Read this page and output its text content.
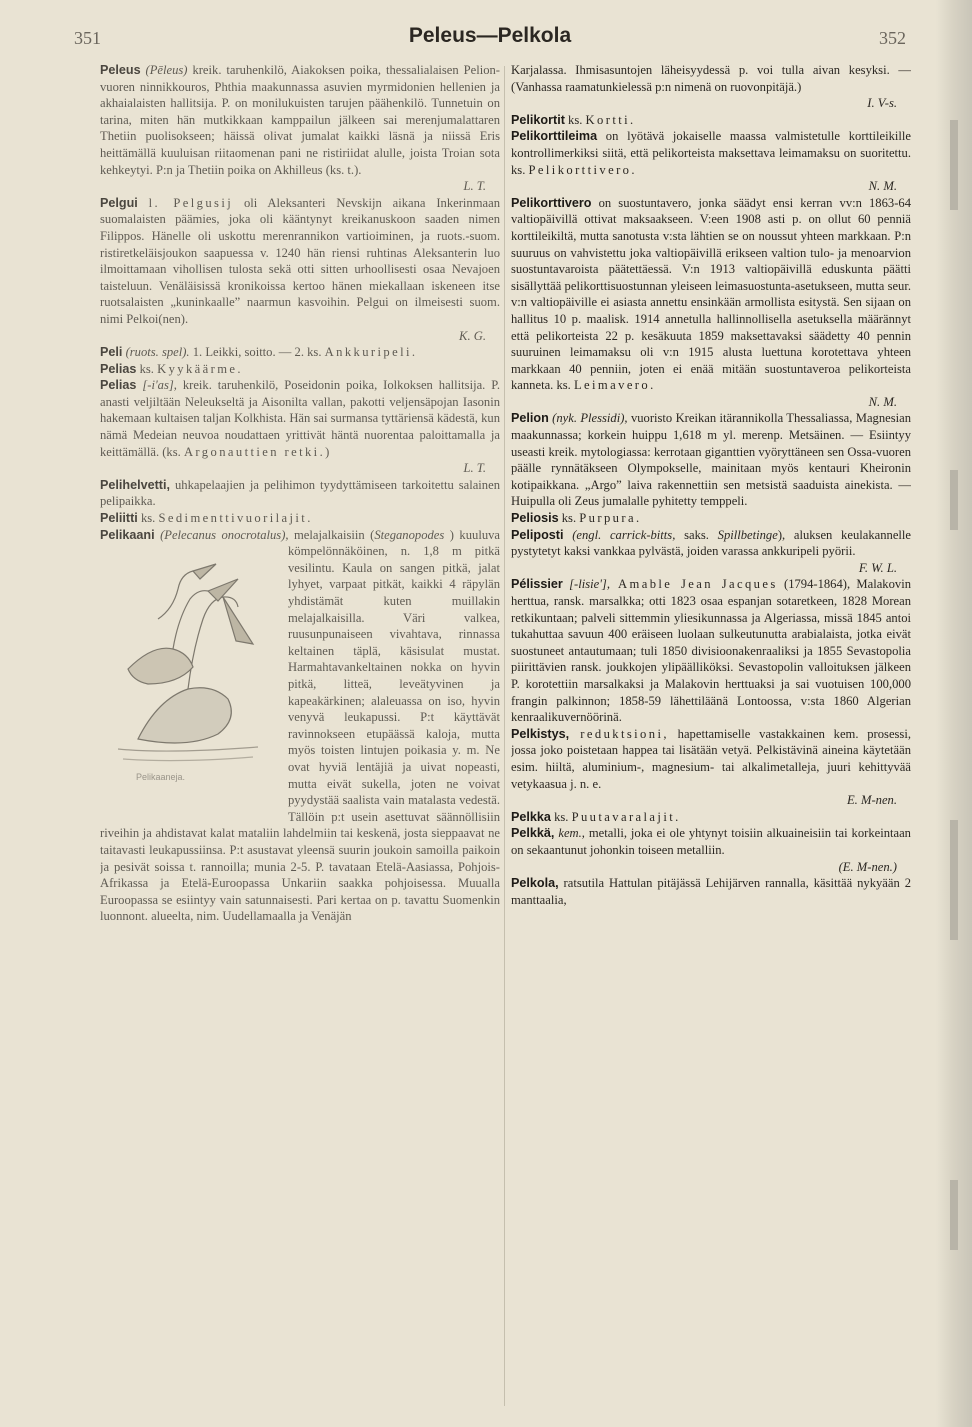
351	Peleus—Pelkola	352

Peleus (Pēleus) kreik. taruhenkilö, Aiakoksen poika, thessalialaisen Pelion-vuoren ninnikkouros, Phthia maakunnassa asuvien myrmidonien hellenien ja akhaialaisten hallitsija. P. on monilukuisten tarujen päähenkilö. Tunnetuin on tarina, miten hän mutkikkaan kamppailun jälkeen sai merenjumalattaren Thetiin puolisokseen; häissä olivat jumalat kaikki läsnä ja niissä Eris heittämällä kuuluisan riitaomenan pani ne ristiriidat alulle, joista Troian sota kehkeytyi. P:n ja Thetiin poika on Akhilleus (ks. t.).
L. T.

Pelgui l. Pelgusij oli Aleksanteri Nevskijn aikana Inkerinmaan suomalaisten päämies, joka oli kääntynyt kreikanuskoon saaden nimen Filippos. Hänelle oli uskottu merenrannikon vartioiminen, ja ruots.-suom. ristiretkeläisjoukon saapuessa v. 1240 hän riensi ruhtinas Aleksanterin luo ilmoittamaan vihollisen tulosta sekä otti sitten urhoollisesti osaa Nevajoen taisteluun. Venäläisissä kronikoissa kertoo hänen miekallaan iskeneen itse ruotsalaisten „kuninkaalle” naarmun kasvoihin. Pelgui on ilmeisesti suom. nimi Pelkoi(nen).
K. G.

Peli (ruots. spel). 1. Leikki, soitto. — 2. ks. Ankkuripeli.

Pelias ks. Kyykäärme.

Pelias [-i'as], kreik. taruhenkilö, Poseidonin poika, Iolkoksen hallitsija. P. anasti veljiltään Neleukseltä ja Aisonilta vallan, pakotti veljensäpojan Iasonin hakemaan kultaisen taljan Kolkhista. Hän sai surmansa tyttäriensä kädestä, kun nämä Medeian neuvoa noudattaen yrittivät häntä nuorentaa paloittamalla ja keittämällä. (ks. Argonauttien retki.)
L. T.

Pelihelvetti, uhkapelaajien ja pelihimon tyydyttämiseen tarkoitettu salainen pelipaikka.

Peliitti ks. Sedimenttivuorilajit.

Pelikaani (Pelecanus onocrotalus), melajalkaisiin (Steganopodes
Pelikaaneja.
) kuuluva kömpelönnäköinen, n. 1,8 m pitkä vesilintu. Kaula on sangen pitkä, jalat lyhyet, varpaat pitkät, kaikki 4 räpylän yhdistämät kuten muillakin melajalkaisilla. Väri valkea, ruusunpunaiseen vivahtava, rinnassa keltainen täplä, käsisulat mustat. Harmahtavankeltainen nokka on hyvin pitkä, litteä, leveätyvinen ja kapeakärkinen; alaleuassa on iso, hyvin venyvä leukapussi. P:t käyttävät ravinnokseen etupäässä kaloja, mutta myös toisten lintujen poikasia y. m. Ne ovat hyviä lentäjiä ja uivat nopeasti, mutta eivät sukella, joten ne voivat pyydystää saalista vain matalasta vedestä. Tällöin p:t usein asettuvat säännöllisiin riveihin ja ahdistavat kalat mataliin lahdelmiin tai keskenä, josta sieppaavat ne taitavasti leukapussiinsa. P:t asustavat yleensä suurin joukoin samoilla paikoin ja pesivät soissa t. rannoilla; munia 2-5. P. tavataan Etelä-Aasiassa, Pohjois-Afrikassa ja Etelä-Euroopassa Unkariin saakka pohjoisessa. Muualla Euroopassa se esiintyy vain satunnaisesti. Pari kertaa on p. tavattu Suomenkin luonnont. alueelta, nim. Uudellamaalla ja Venäjän

Karjalassa. Ihmisasuntojen läheisyydessä p. voi tulla aivan kesyksi. — (Vanhassa raamatunkielessä p:n nimenä on ruovonpitäjä.)
I. V-s.

Pelikortit ks. Kortti.

Pelikorttileima on lyötävä jokaiselle maassa valmistetulle korttileikille kontrollimerkiksi siitä, että pelikorteista maksettava leimamaksu on suoritettu. ks. Pelikorttivero.
N. M.

Pelikorttivero on suostuntavero, jonka säädyt ensi kerran vv:n 1863-64 valtiopäivillä ottivat maksaakseen. V:een 1908 asti p. on ollut 60 penniä korttileikiltä, mutta sanotusta v:sta lähtien se on noussut yhteen markkaan. P:n suuruus on vahvistettu joka valtiopäivillä erikseen valtion tulo- ja menoarvion suostuntavaroista päätettäessä. V:n 1913 valtiopäivillä eduskunta päätti sisällyttää pelikorttisuostunnan yleiseen leimasuostunta-asetukseen, mutta seur. v:n valtiopäiville ei asiasta annettu ensinkään armollista esitystä. Sen sijaan on hallitus 10 p. maalisk. 1914 annetulla hallinnollisella asetuksella määrännyt että pelikorteista 22 p. kesäkuuta 1859 maksettavaksi säädetty 40 pennin suuruinen leimamaksu oli v:n 1915 alusta luettuna korotettava yhteen markkaan 40 penniin, joten ei enää mitään suostuntaveroa pelikorteista kanneta. ks. Leimavero.
N. M.

Pelion (nyk. Plessidi), vuoristo Kreikan itärannikolla Thessaliassa, Magnesian maakunnassa; korkein huippu 1,618 m yl. merenp. Metsäinen. — Esiintyy useasti kreik. mytologiassa: kerrotaan giganttien vyöryttäneen sen Ossa-vuoren päälle rynnätäkseen Olympokselle, mainitaan myös kentauri Kheironin kotipaikkana. „Argo” laiva rakennettiin sen metsistä saaduista ainekista. — Huipulla oli Zeus jumalalle pyhitetty temppeli.

Peliosis ks. Purpura.

Peliposti (engl. carrick-bitts, saks. Spillbetinge), aluksen keulakannelle pystytetyt kaksi vankkaa pylvästä, joiden varassa ankkuripeli pyörii.
F. W. L.

Pélissier [-lisie'], Amable Jean Jacques (1794-1864), Malakovin herttua, ransk. marsalkka; otti 1823 osaa espanjan sotaretkeen, 1828 Morean retkikuntaan; palveli sittemmin yliesikunnassa ja Algeriassa, missä 1845 antoi tukahuttaa savuun 400 eräiseen luolaan sulkeutunutta arabialaista, jotka eivät suostuneet antautumaan; tuli 1850 divisioonakenraaliksi ja 1855 Sevastopolia piirittävien ransk. joukkojen ylipäälliköksi. Sevastopolin valloituksen jälkeen P. korotettiin marsalkaksi ja Malakovin herttuaksi ja sai vuotuisen 100,000 frangin palkinnon; 1858-59 lähettiläänä Lontoossa, v:sta 1860 Algerian kenraalikuvernöörinä.

Pelkistys, reduktsioni, hapettamiselle vastakkainen kem. prosessi, jossa joko poistetaan happea tai lisätään vetyä. Pelkistävinä aineina käytetään esim. hiiltä, aluminium-, magnesium- tai alkalimetalleja, juuri kehittyvää vetykaasua j. n. e.
E. M-nen.

Pelkka ks. Puutavaralajit.

Pelkkä, kem., metalli, joka ei ole yhtynyt toisiin alkuaineisiin tai korkeintaan on sekaantunut johonkin toiseen metalliin.
(E. M-nen.)

Pelkola, ratsutila Hattulan pitäjässä Lehijärven rannalla, käsittää nykyään 2 manttaalia,
